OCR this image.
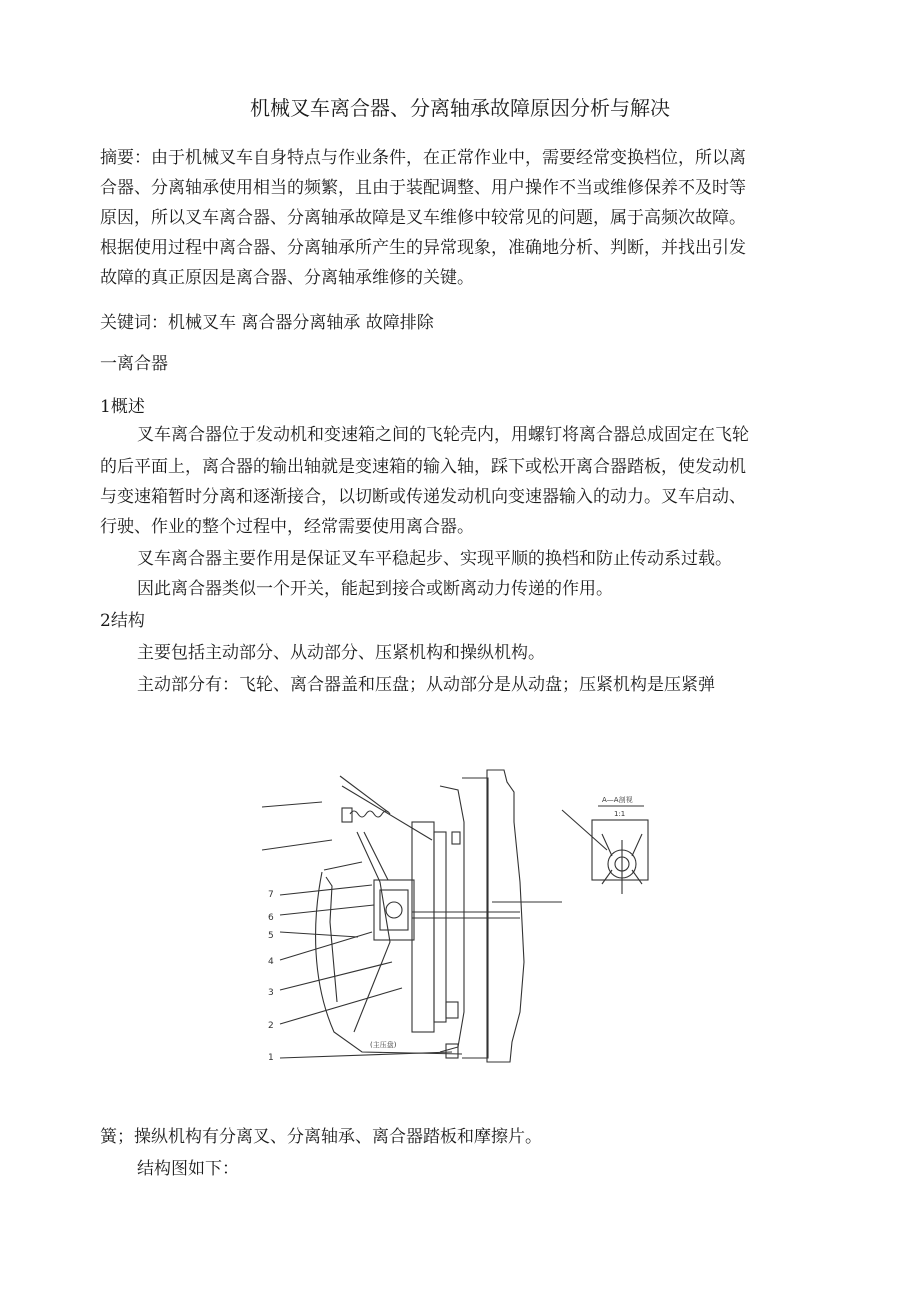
机械叉车离合器、分离轴承故障原因分析与解决

摘要：由于机械叉车自身特点与作业条件，在正常作业中，需要经常变换档位，所以离

合器、分离轴承使用相当的频繁，且由于装配调整、用户操作不当或维修保养不及时等

原因，所以叉车离合器、分离轴承故障是叉车维修中较常见的问题，属于高频次故障。

根据使用过程中离合器、分离轴承所产生的异常现象，准确地分析、判断，并找出引发

故障的真正原因是离合器、分离轴承维修的关键。

关键词：机械叉车 离合器分离轴承 故障排除

一离合器

1概述

叉车离合器位于发动机和变速箱之间的飞轮壳内，用螺钉将离合器总成固定在飞轮

的后平面上，离合器的输出轴就是变速箱的输入轴，踩下或松开离合器踏板，使发动机

与变速箱暂时分离和逐渐接合，以切断或传递发动机向变速器输入的动力。叉车启动、

行驶、作业的整个过程中，经常需要使用离合器。

叉车离合器主要作用是保证叉车平稳起步、实现平顺的换档和防止传动系过载。

因此离合器类似一个开关，能起到接合或断离动力传递的作用。

2结构

主要包括主动部分、从动部分、压紧机构和操纵机构。

主动部分有：飞轮、离合器盖和压盘；从动部分是从动盘；压紧机构是压紧弹

7
6
5
4
3
2
1
A—A剖视
1:1
(主压盘)

簧；操纵机构有分离叉、分离轴承、离合器踏板和摩擦片。

结构图如下：
